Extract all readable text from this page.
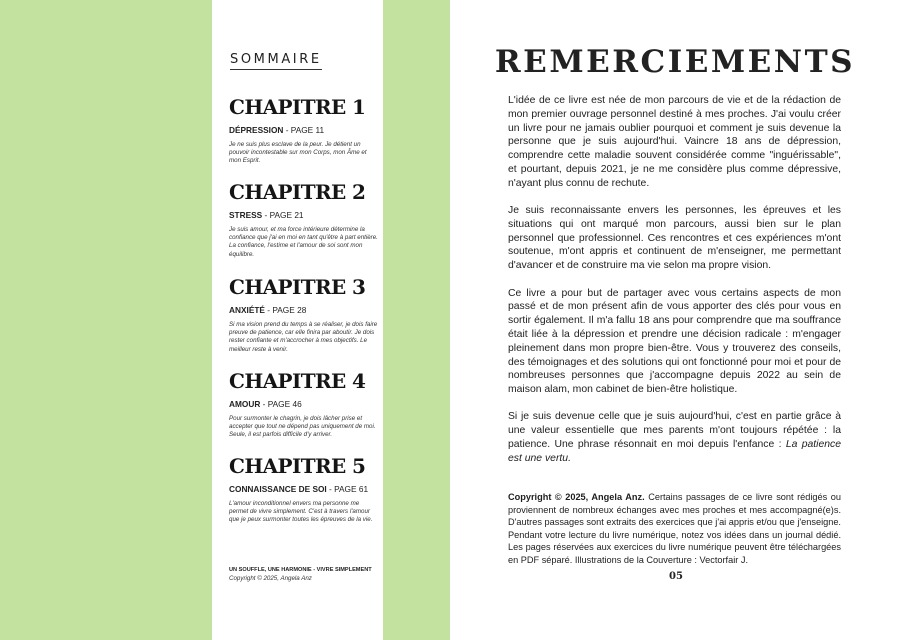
SOMMAIRE
CHAPITRE 1
DÉPRESSION - PAGE 11
Je ne suis plus esclave de la peur. Je détient un pouvoir incontestable sur mon Corps, mon Âme et mon Esprit.
CHAPITRE 2
STRESS - PAGE 21
Je suis amour, et ma force intérieure détermine la confiance que j'ai en moi en tant qu'être à part entière. La confiance, l'estime et l'amour de soi sont mon équilibre.
CHAPITRE 3
ANXIÉTÉ - PAGE 28
Si ma vision prend du temps à se réaliser, je dois faire preuve de patience, car elle finira par aboutir. Je dois rester confiante et m'accrocher à mes objectifs. Le meilleur reste à venir.
CHAPITRE 4
AMOUR - PAGE 46
Pour surmonter le chagrin, je dois lâcher prise et accepter que tout ne dépend pas uniquement de moi. Seule, il est parfois difficile d'y arriver.
CHAPITRE 5
CONNAISSANCE DE SOI - PAGE 61
L'amour inconditionnel envers ma personne me permet de vivre simplement. C'est à travers l'amour que je peux surmonter toutes les épreuves de la vie.
UN SOUFFLE, UNE HARMONIE - VIVRE SIMPLEMENT
Copyright © 2025, Angela Anz
REMERCIEMENTS

L'idée de ce livre est née de mon parcours de vie et de la rédaction de mon premier ouvrage personnel destiné à mes proches. J'ai voulu créer un livre pour ne jamais oublier pourquoi et comment je suis devenue la personne que je suis aujourd'hui. Vaincre 18 ans de dépression, comprendre cette maladie souvent considérée comme "inguérissable", et pourtant, depuis 2021, je ne me considère plus comme dépressive, n'ayant plus connu de rechute.

Je suis reconnaissante envers les personnes, les épreuves et les situations qui ont marqué mon parcours, aussi bien sur le plan personnel que professionnel. Ces rencontres et ces expériences m'ont soutenue, m'ont appris et continuent de m'enseigner, me permettant d'avancer et de construire ma vie selon ma propre vision.

Ce livre a pour but de partager avec vous certains aspects de mon passé et de mon présent afin de vous apporter des clés pour vous en sortir également. Il m'a fallu 18 ans pour comprendre que ma souffrance était liée à la dépression et prendre une décision radicale : m'engager pleinement dans mon propre bien-être. Vous y trouverez des conseils, des témoignages et des solutions qui ont fonctionné pour moi et pour de nombreuses personnes que j'accompagne depuis 2022 au sein de maison alam, mon cabinet de bien-être holistique.

Si je suis devenue celle que je suis aujourd'hui, c'est en partie grâce à une valeur essentielle que mes parents m'ont toujours répétée : la patience. Une phrase résonnait en moi depuis l'enfance : La patience est une vertu.

Copyright © 2025, Angela Anz. Certains passages de ce livre sont rédigés ou proviennent de nombreux échanges avec mes proches et mes accompagné(e)s. D'autres passages sont extraits des exercices que j'ai appris et/ou que j'enseigne. Pendant votre lecture du livre numérique, notez vos idées dans un journal dédié. Les pages réservées aux exercices du livre numérique peuvent être téléchargées en PDF séparé. Illustrations de la Couverture : Vectorfair J.
05
